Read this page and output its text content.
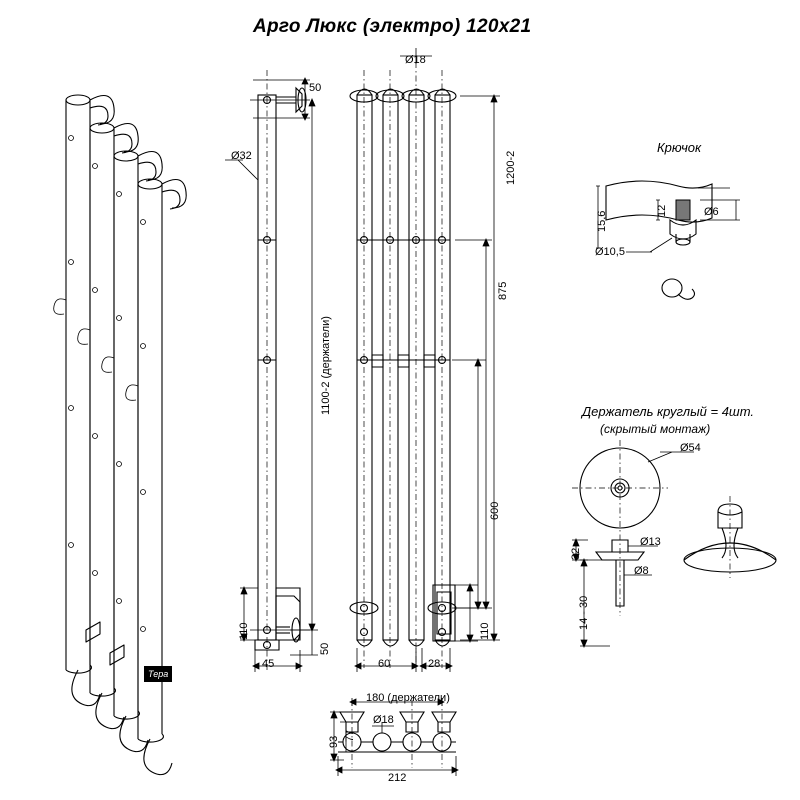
Арго Люкс (электро) 120х21
Ø18
50
Ø32	1200-2
875
600
1100-2 (держатели)
110
50
110
45	60	28
180 (держатели)
Ø18
93 77
212
Крючок
Ø6
15,6	12
Ø10,5
Держатель круглый = 4шт.
(скрытый монтаж)
Ø54
Ø13
Ø8
32
14 - 30
Тера
